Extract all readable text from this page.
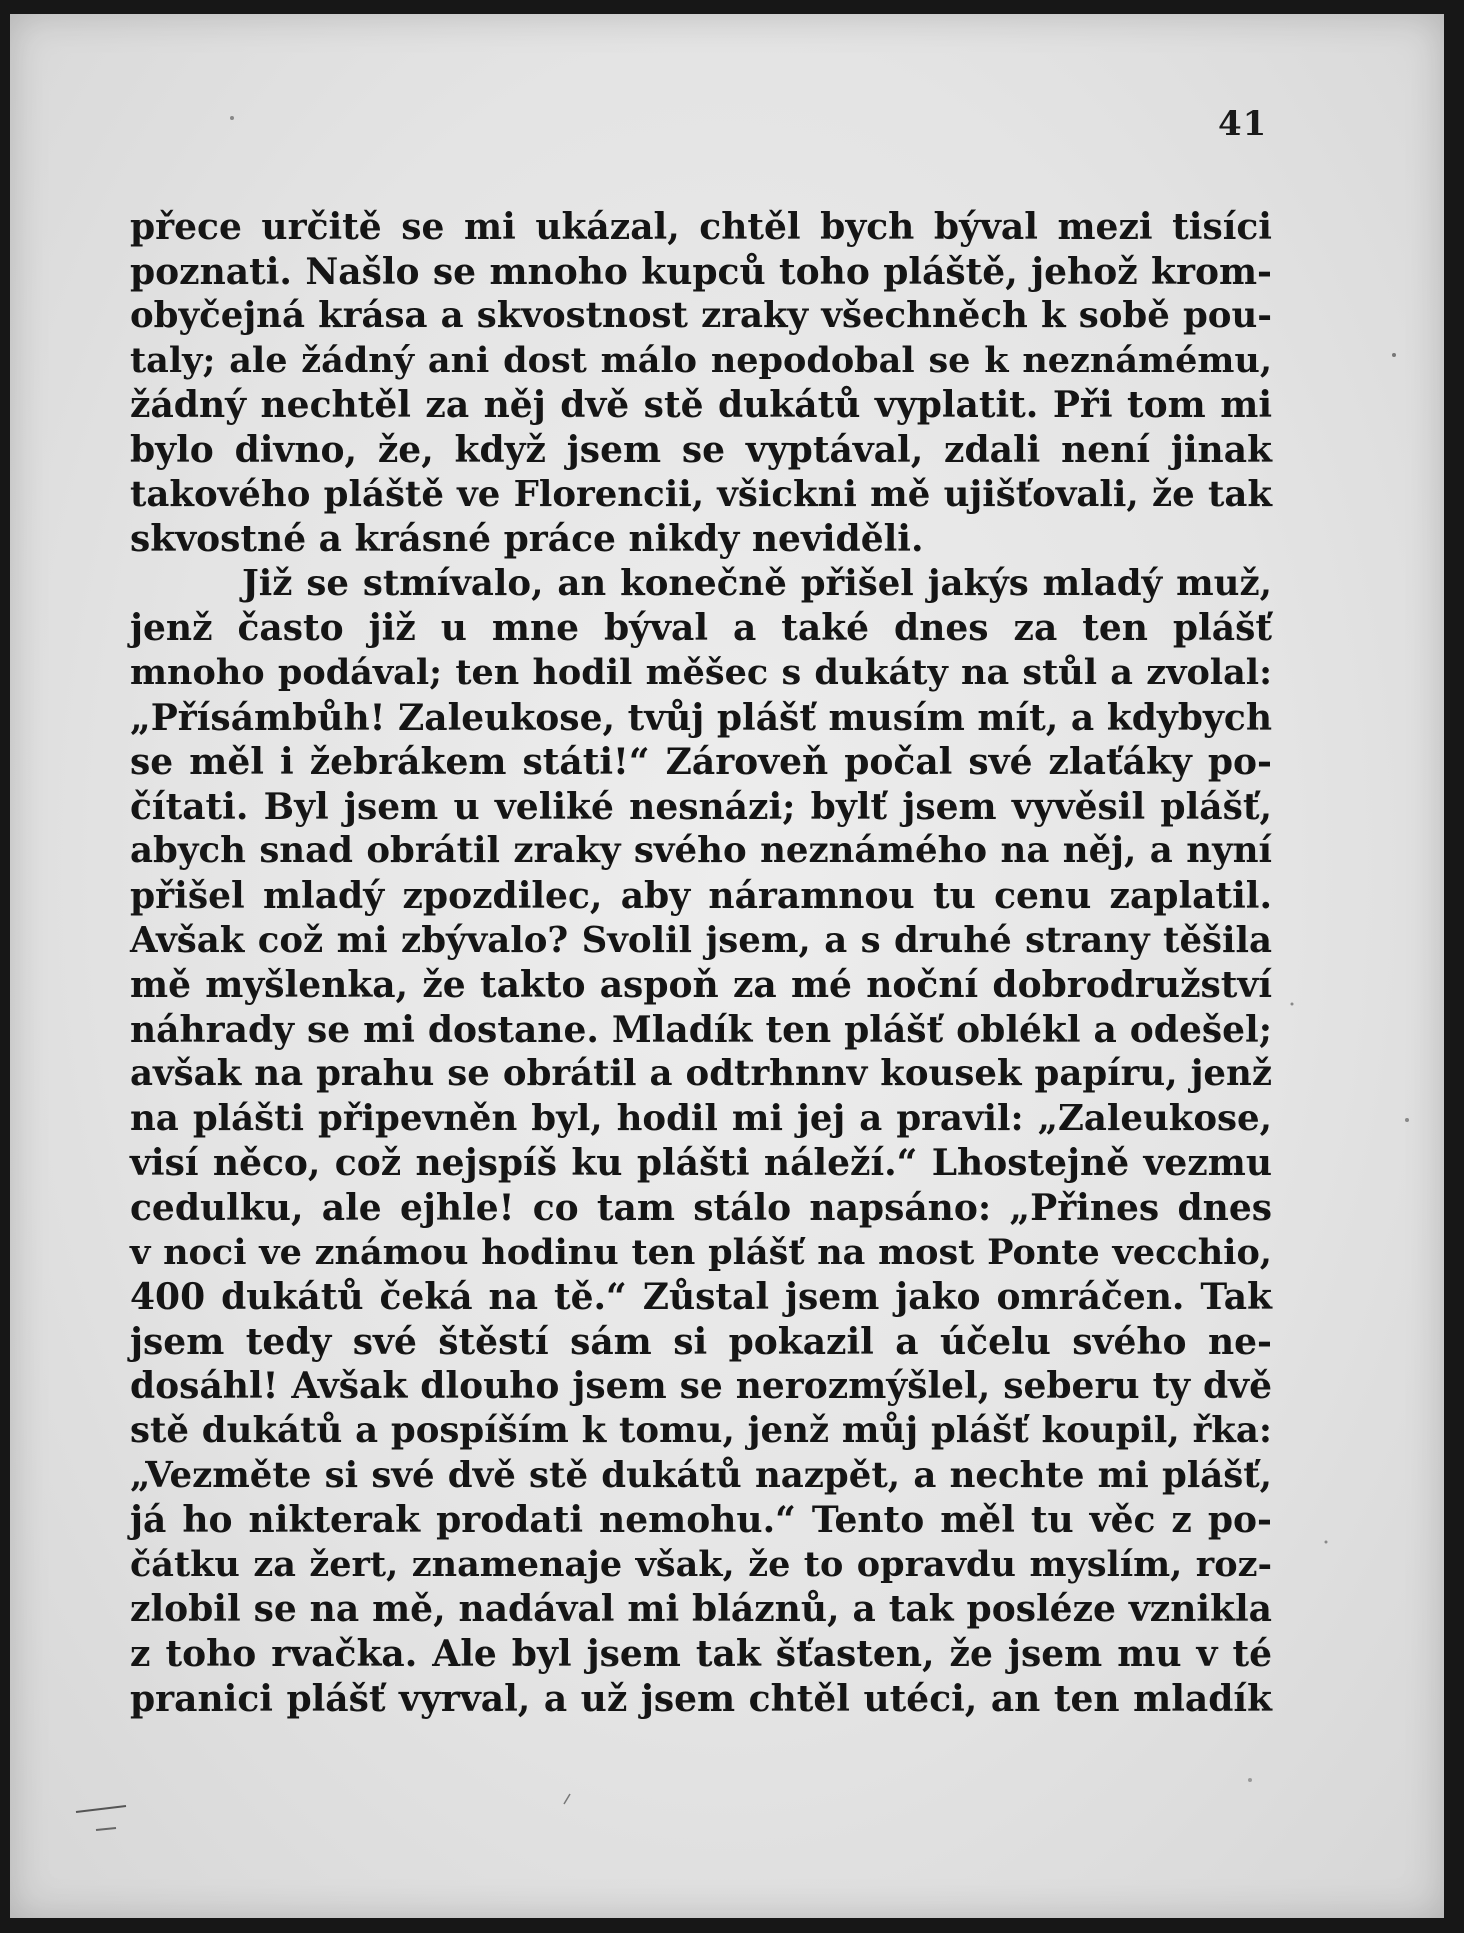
41
přece určitě se mi ukázal, chtěl bych býval mezi tisíci
poznati. Našlo se mnoho kupců toho pláště, jehož krom-
obyčejná krása a skvostnost zraky všechněch k sobě pou-
taly; ale žádný ani dost málo nepodobal se k neznámému,
žádný nechtěl za něj dvě stě dukátů vyplatit. Při tom mi
bylo divno, že, když jsem se vyptával, zdali není jinak
takového pláště ve Florencii, všickni mě ujišťovali, že tak
skvostné a krásné práce nikdy neviděli.
Již se stmívalo, an konečně přišel jakýs mladý muž,
jenž často již u mne býval a také dnes za ten plášť
mnoho podával; ten hodil měšec s dukáty na stůl a zvolal:
„Přísámbůh! Zaleukose, tvůj plášť musím mít, a kdybych
se měl i žebrákem státi!“ Zároveň počal své zlaťáky po-
čítati. Byl jsem u veliké nesnázi; bylť jsem vyvěsil plášť,
abych snad obrátil zraky svého neznámého na něj, a nyní
přišel mladý zpozdilec, aby náramnou tu cenu zaplatil.
Avšak což mi zbývalo? Svolil jsem, a s druhé strany těšila
mě myšlenka, že takto aspoň za mé noční dobrodružství
náhrady se mi dostane. Mladík ten plášť oblékl a odešel;
avšak na prahu se obrátil a odtrhnnv kousek papíru, jenž
na plášti připevněn byl, hodil mi jej a pravil: „Zaleukose,
visí něco, což nejspíš ku plášti náleží.“ Lhostejně vezmu
cedulku, ale ejhle! co tam stálo napsáno: „Přines dnes
v noci ve známou hodinu ten plášť na most Ponte vecchio,
400 dukátů čeká na tě.“ Zůstal jsem jako omráčen. Tak
jsem tedy své štěstí sám si pokazil a účelu svého ne-
dosáhl! Avšak dlouho jsem se nerozmýšlel, seberu ty dvě
stě dukátů a pospíším k tomu, jenž můj plášť koupil, řka:
„Vezměte si své dvě stě dukátů nazpět, a nechte mi plášť,
já ho nikterak prodati nemohu.“ Tento měl tu věc z po-
čátku za žert, znamenaje však, že to opravdu myslím, roz-
zlobil se na mě, nadával mi bláznů, a tak posléze vznikla
z toho rvačka. Ale byl jsem tak šťasten, že jsem mu v té
pranici plášť vyrval, a už jsem chtěl utéci, an ten mladík
